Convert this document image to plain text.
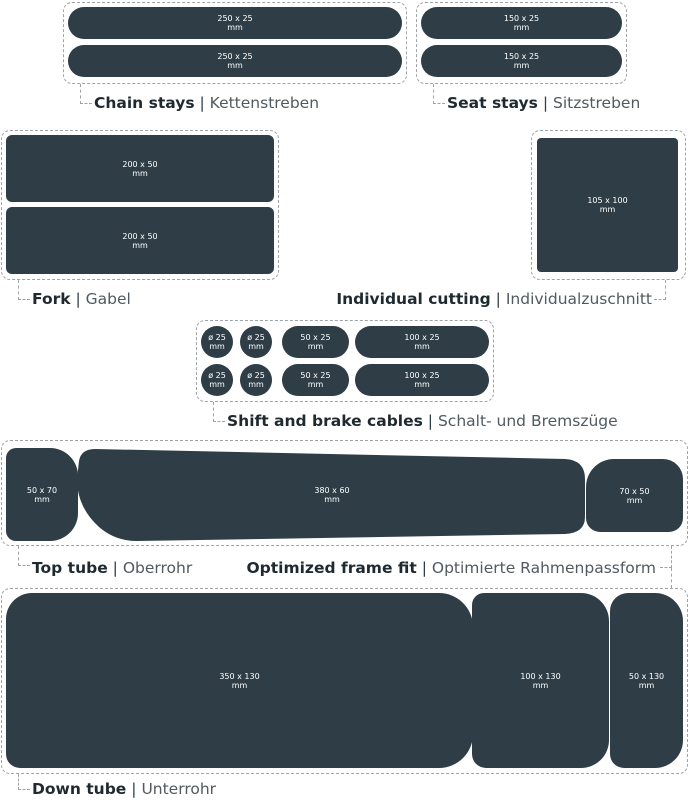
250 x 25
mm
250 x 25
mm
Chain stays | Kettenstreben
150 x 25
mm
150 x 25
mm
Seat stays | Sitzstreben
200 x 50
mm
200 x 50
mm
Fork | Gabel
105 x 100
mm
Individual cutting | Individualzuschnitt
ø 25
mm
ø 25
mm
50 x 25
mm
100 x 25
mm
ø 25
mm
ø 25
mm
50 x 25
mm
100 x 25
mm
Shift and brake cables | Schalt- und Bremszüge
50 x 70
mm
380 x 60
mm
70 x 50
mm
Top tube | Oberrohr	Optimized frame fit | Optimierte Rahmenpassform
350 x 130
mm
100 x 130
mm
50 x 130
mm
Down tube | Unterrohr
